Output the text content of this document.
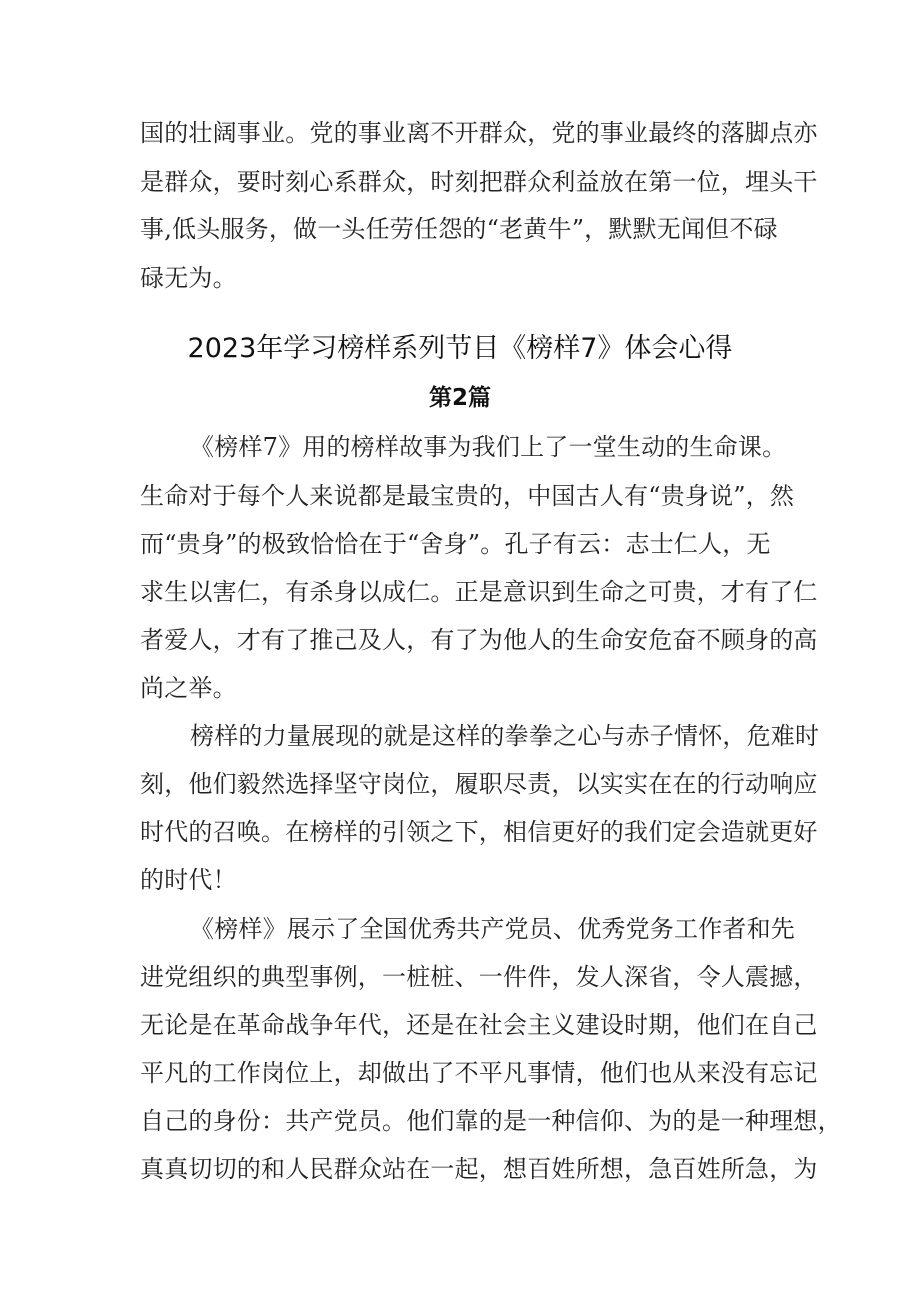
国的壮阔事业。党的事业离不开群众，党的事业最终的落脚点亦
是群众，要时刻心系群众，时刻把群众利益放在第一位，埋头干
事,低头服务，做一头任劳任怨的“老黄牛”，默默无闻但不碌
碌无为。
2023年学习榜样系列节目《榜样7》体会心得
第2篇
《榜样7》用的榜样故事为我们上了一堂生动的生命课。
生命对于每个人来说都是最宝贵的，中国古人有“贵身说”，然
而“贵身”的极致恰恰在于“舍身”。孔子有云：志士仁人，无
求生以害仁，有杀身以成仁。正是意识到生命之可贵，才有了仁
者爱人，才有了推己及人，有了为他人的生命安危奋不顾身的高
尚之举。
榜样的力量展现的就是这样的拳拳之心与赤子情怀，危难时
刻，他们毅然选择坚守岗位，履职尽责，以实实在在的行动响应
时代的召唤。在榜样的引领之下，相信更好的我们定会造就更好
的时代！
《榜样》展示了全国优秀共产党员、优秀党务工作者和先
进党组织的典型事例，一桩桩、一件件，发人深省，令人震撼，
无论是在革命战争年代，还是在社会主义建设时期，他们在自己
平凡的工作岗位上，却做出了不平凡事情，他们也从来没有忘记
自己的身份：共产党员。他们靠的是一种信仰、为的是一种理想，
真真切切的和人民群众站在一起，想百姓所想，急百姓所急，为
